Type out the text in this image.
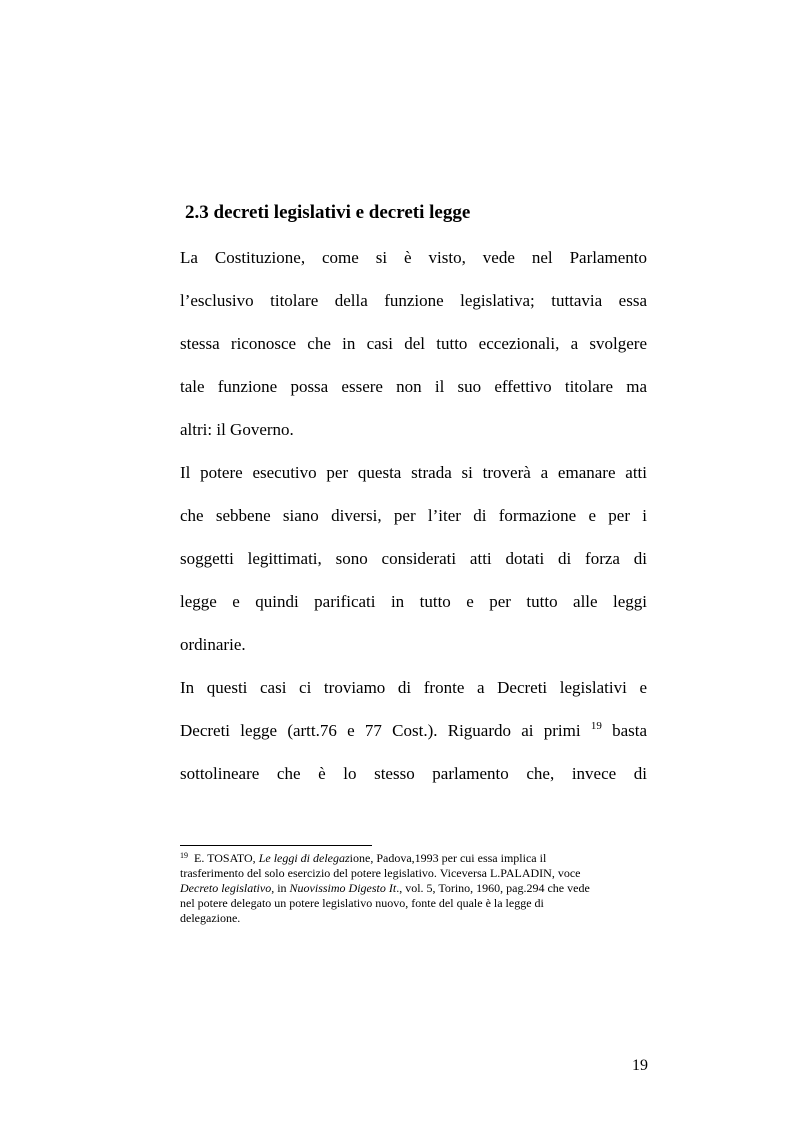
2.3 decreti legislativi e decreti legge
La Costituzione, come si è visto, vede nel Parlamento
l’esclusivo titolare della funzione legislativa; tuttavia essa
stessa riconosce che in casi del tutto eccezionali, a svolgere
tale funzione possa essere non il suo effettivo titolare ma
altri: il Governo.
Il potere esecutivo per questa strada si troverà a emanare atti
che sebbene siano diversi, per l’iter di formazione e per i
soggetti legittimati, sono considerati atti dotati di forza di
legge e quindi parificati in tutto e per tutto alle leggi
ordinarie.
In questi casi ci troviamo di fronte a Decreti legislativi e
Decreti legge (artt.76 e 77 Cost.). Riguardo ai primi $^{19}$ basta
sottolineare che è lo stesso parlamento che, invece di
$^{19}$  E. TOSATO, Le leggi di delegazione, Padova,1993 per cui essa implica il
trasferimento del solo esercizio del potere legislativo. Viceversa L.PALADIN, voce
Decreto legislativo, in Nuovissimo Digesto It., vol. 5, Torino, 1960, pag.294 che vede
nel potere delegato un potere legislativo nuovo, fonte del quale è la legge di
delegazione.
19
